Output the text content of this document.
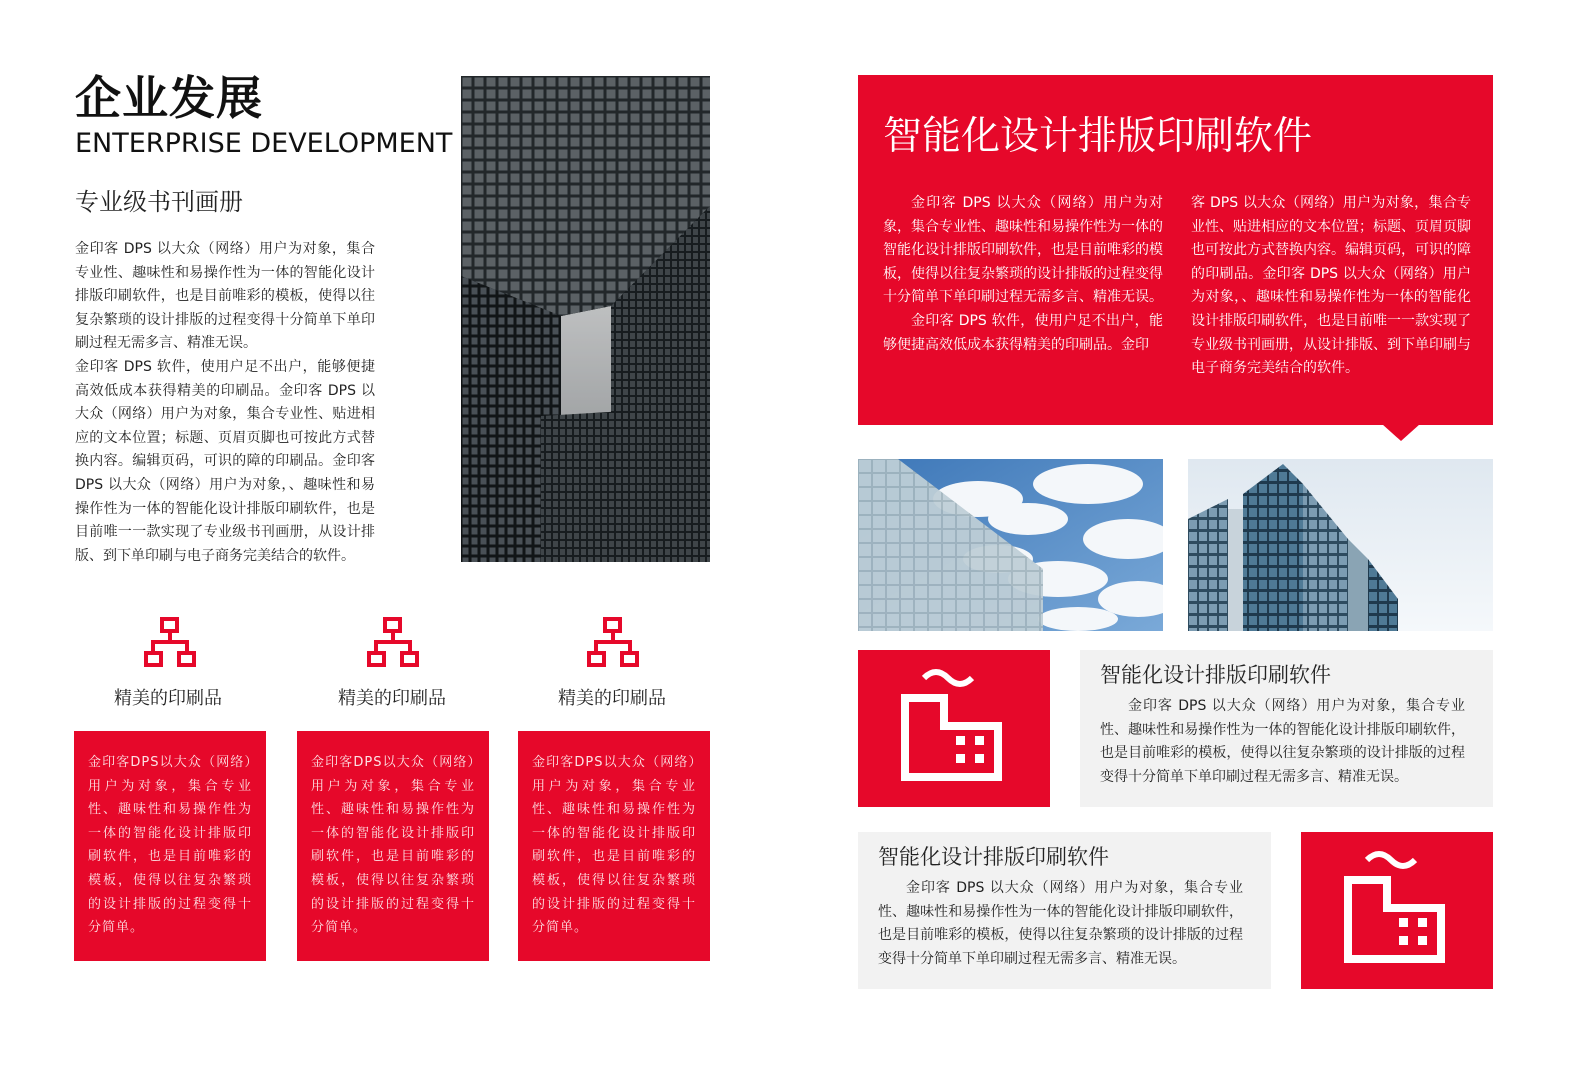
企业发展
ENTERPRISE DEVELOPMENT
专业级书刊画册

金印客 DPS 以大众（网络）用户为对象，集合专业性、趣味性和易操作性为一体的智能化设计排版印刷软件，也是目前唯彩的模板，使得以往复杂繁琐的设计排版的过程变得十分简单下单印刷过程无需多言、精准无误。

金印客 DPS 软件，使用户足不出户，能够便捷高效低成本获得精美的印刷品。金印客 DPS 以大众（网络）用户为对象，集合专业性、贴进相应的文本位置；标题、页眉页脚也可按此方式替换内容。编辑页码，可识的障的印刷品。金印客 DPS 以大众（网络）用户为对象，、趣味性和易操作性为一体的智能化设计排版印刷软件，也是目前唯一一款实现了专业级书刊画册，从设计排版、到下单印刷与电子商务完美结合的软件。

精美的印刷品
金印客DPS以大众（网络）用户为对象，集合专业性、趣味性和易操作性为一体的智能化设计排版印刷软件，也是目前唯彩的模板，使得以往复杂繁琐的设计排版的过程变得十分简单。
精美的印刷品
金印客DPS以大众（网络）用户为对象，集合专业性、趣味性和易操作性为一体的智能化设计排版印刷软件，也是目前唯彩的模板，使得以往复杂繁琐的设计排版的过程变得十分简单。
精美的印刷品
金印客DPS以大众（网络）用户为对象，集合专业性、趣味性和易操作性为一体的智能化设计排版印刷软件，也是目前唯彩的模板，使得以往复杂繁琐的设计排版的过程变得十分简单。
智能化设计排版印刷软件

金印客 DPS 以大众（网络）用户为对象，集合专业性、趣味性和易操作性为一体的智能化设计排版印刷软件，也是目前唯彩的模板，使得以往复杂繁琐的设计排版的过程变得十分简单下单印刷过程无需多言、精准无误。

金印客 DPS 软件，使用户足不出户，能够便捷高效低成本获得精美的印刷品。金印

客 DPS 以大众（网络）用户为对象，集合专业性、贴进相应的文本位置；标题、页眉页脚也可按此方式替换内容。编辑页码，可识的障的印刷品。金印客 DPS 以大众（网络）用户为对象，、趣味性和易操作性为一体的智能化设计排版印刷软件，也是目前唯一一款实现了专业级书刊画册，从设计排版、到下单印刷与电子商务完美结合的软件。

智能化设计排版印刷软件

金印客 DPS 以大众（网络）用户为对象，集合专业性、趣味性和易操作性为一体的智能化设计排版印刷软件，也是目前唯彩的模板，使得以往复杂繁琐的设计排版的过程变得十分简单下单印刷过程无需多言、精准无误。

智能化设计排版印刷软件

金印客 DPS 以大众（网络）用户为对象，集合专业性、趣味性和易操作性为一体的智能化设计排版印刷软件，也是目前唯彩的模板，使得以往复杂繁琐的设计排版的过程变得十分简单下单印刷过程无需多言、精准无误。
